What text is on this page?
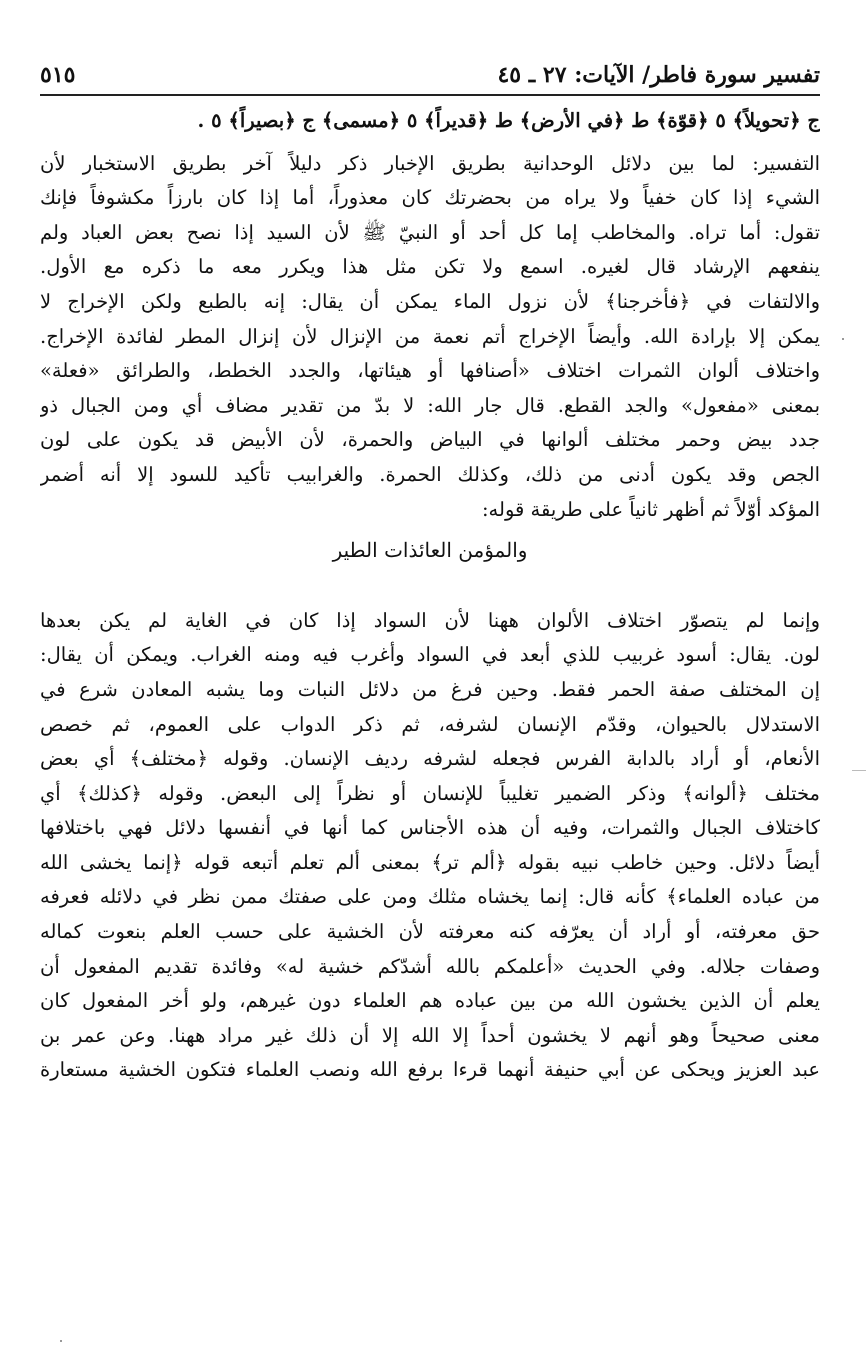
تفسير سورة فاطر/ الآيات: ٢٧ ـ ٤٥
٥١٥
ج ﴿تحويلاً﴾ ٥ ﴿قوّة﴾ ط ﴿في الأرض﴾ ط ﴿قديراً﴾ ٥ ﴿مسمى﴾ ج ﴿بصيراً﴾ ٥ .
التفسير: لما بين دلائل الوحدانية بطريق الإخبار ذكر دليلاً آخر بطريق الاستخبار لأن
الشيء إذا كان خفياً ولا يراه من بحضرتك كان معذوراً، أما إذا كان بارزاً مكشوفاً فإنك
تقول: أما تراه. والمخاطب إما كل أحد أو النبيّ ﷺ لأن السيد إذا نصح بعض العباد ولم
ينفعهم الإرشاد قال لغيره. اسمع ولا تكن مثل هذا ويكرر معه ما ذكره مع الأول.
والالتفات في ﴿فأخرجنا﴾ لأن نزول الماء يمكن أن يقال: إنه بالطبع ولكن الإخراج لا
يمكن إلا بإرادة الله. وأيضاً الإخراج أتم نعمة من الإنزال لأن إنزال المطر لفائدة الإخراج.
واختلاف ألوان الثمرات اختلاف «أصنافها أو هيئاتها، والجدد الخطط، والطرائق «فعلة»
بمعنى «مفعول» والجد القطع. قال جار الله: لا بدّ من تقدير مضاف أي ومن الجبال ذو
جدد بيض وحمر مختلف ألوانها في البياض والحمرة، لأن الأبيض قد يكون على لون
الجص وقد يكون أدنى من ذلك، وكذلك الحمرة. والغرابيب تأكيد للسود إلا أنه أضمر
المؤكد أوّلاً ثم أظهر ثانياً على طريقة قوله:
والمؤمن العائذات الطير
وإنما لم يتصوّر اختلاف الألوان ههنا لأن السواد إذا كان في الغاية لم يكن بعدها
لون. يقال: أسود غربيب للذي أبعد في السواد وأغرب فيه ومنه الغراب. ويمكن أن يقال:
إن المختلف صفة الحمر فقط. وحين فرغ من دلائل النبات وما يشبه المعادن شرع في
الاستدلال بالحيوان، وقدّم الإنسان لشرفه، ثم ذكر الدواب على العموم، ثم خصص
الأنعام، أو أراد بالدابة الفرس فجعله لشرفه رديف الإنسان. وقوله ﴿مختلف﴾ أي بعض
مختلف ﴿ألوانه﴾ وذكر الضمير تغليباً للإنسان أو نظراً إلى البعض. وقوله ﴿كذلك﴾ أي
كاختلاف الجبال والثمرات، وفيه أن هذه الأجناس كما أنها في أنفسها دلائل فهي باختلافها
أيضاً دلائل. وحين خاطب نبيه بقوله ﴿ألم تر﴾ بمعنى ألم تعلم أتبعه قوله ﴿إنما يخشى الله
من عباده العلماء﴾ كأنه قال: إنما يخشاه مثلك ومن على صفتك ممن نظر في دلائله فعرفه
حق معرفته، أو أراد أن يعرّفه كنه معرفته لأن الخشية على حسب العلم بنعوت كماله
وصفات جلاله. وفي الحديث «أعلمكم بالله أشدّكم خشية له» وفائدة تقديم المفعول أن
يعلم أن الذين يخشون الله من بين عباده هم العلماء دون غيرهم، ولو أخر المفعول كان
معنى صحيحاً وهو أنهم لا يخشون أحداً إلا الله إلا أن ذلك غير مراد ههنا. وعن عمر بن
عبد العزيز ويحكى عن أبي حنيفة أنهما قرءا برفع الله ونصب العلماء فتكون الخشية مستعارة
